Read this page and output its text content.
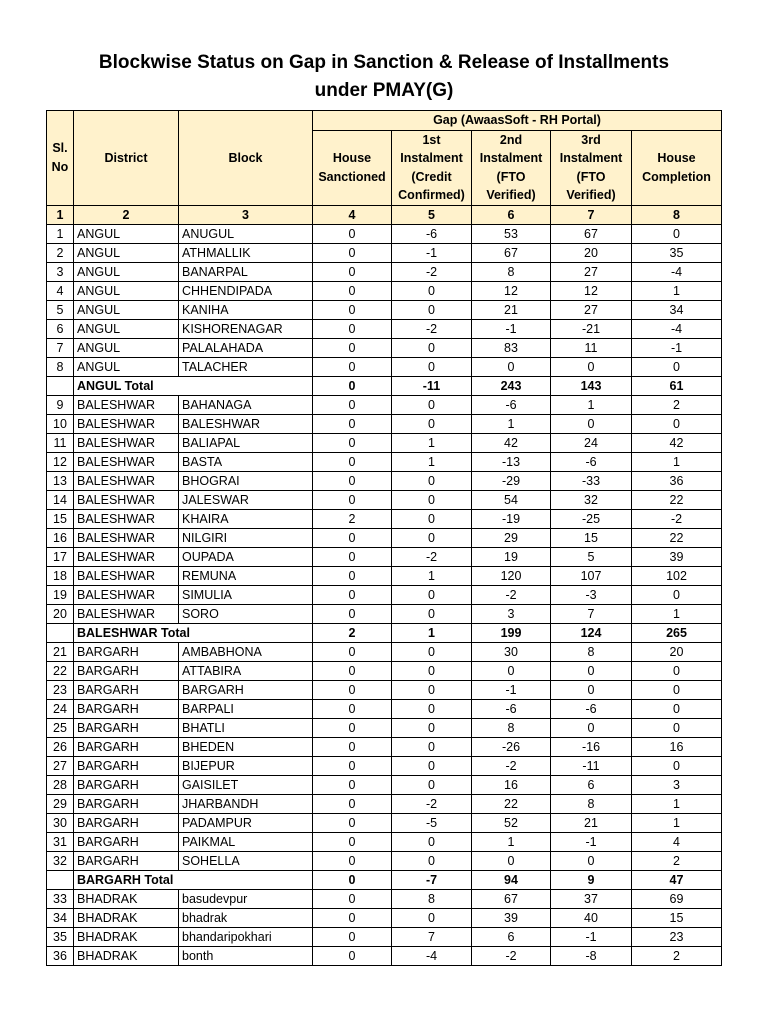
Blockwise Status on Gap in Sanction & Release of Installments
under PMAY(G)
Sl. No	District	Block	Gap (AwaasSoft - RH Portal)				
			House Sanctioned	1st Instalment (Credit Confirmed)	2nd Instalment (FTO Verified)	3rd Instalment (FTO Verified)	House Completion
1	2	3	4	5	6	7	8
1	ANGUL	ANUGUL	0	-6	53	67	0
2	ANGUL	ATHMALLIK	0	-1	67	20	35
3	ANGUL	BANARPAL	0	-2	8	27	-4
4	ANGUL	CHHENDIPADA	0	0	12	12	1
5	ANGUL	KANIHA	0	0	21	27	34
6	ANGUL	KISHORENAGAR	0	-2	-1	-21	-4
7	ANGUL	PALALAHADA	0	0	83	11	-1
8	ANGUL	TALACHER	0	0	0	0	0
	ANGUL Total		0	-11	243	143	61
9	BALESHWAR	BAHANAGA	0	0	-6	1	2
10	BALESHWAR	BALESHWAR	0	0	1	0	0
11	BALESHWAR	BALIAPAL	0	1	42	24	42
12	BALESHWAR	BASTA	0	1	-13	-6	1
13	BALESHWAR	BHOGRAI	0	0	-29	-33	36
14	BALESHWAR	JALESWAR	0	0	54	32	22
15	BALESHWAR	KHAIRA	2	0	-19	-25	-2
16	BALESHWAR	NILGIRI	0	0	29	15	22
17	BALESHWAR	OUPADA	0	-2	19	5	39
18	BALESHWAR	REMUNA	0	1	120	107	102
19	BALESHWAR	SIMULIA	0	0	-2	-3	0
20	BALESHWAR	SORO	0	0	3	7	1
	BALESHWAR Total		2	1	199	124	265
21	BARGARH	AMBABHONA	0	0	30	8	20
22	BARGARH	ATTABIRA	0	0	0	0	0
23	BARGARH	BARGARH	0	0	-1	0	0
24	BARGARH	BARPALI	0	0	-6	-6	0
25	BARGARH	BHATLI	0	0	8	0	0
26	BARGARH	BHEDEN	0	0	-26	-16	16
27	BARGARH	BIJEPUR	0	0	-2	-11	0
28	BARGARH	GAISILET	0	0	16	6	3
29	BARGARH	JHARBANDH	0	-2	22	8	1
30	BARGARH	PADAMPUR	0	-5	52	21	1
31	BARGARH	PAIKMAL	0	0	1	-1	4
32	BARGARH	SOHELLA	0	0	0	0	2
	BARGARH Total		0	-7	94	9	47
33	BHADRAK	basudevpur	0	8	67	37	69
34	BHADRAK	bhadrak	0	0	39	40	15
35	BHADRAK	bhandaripokhari	0	7	6	-1	23
36	BHADRAK	bonth	0	-4	-2	-8	2
